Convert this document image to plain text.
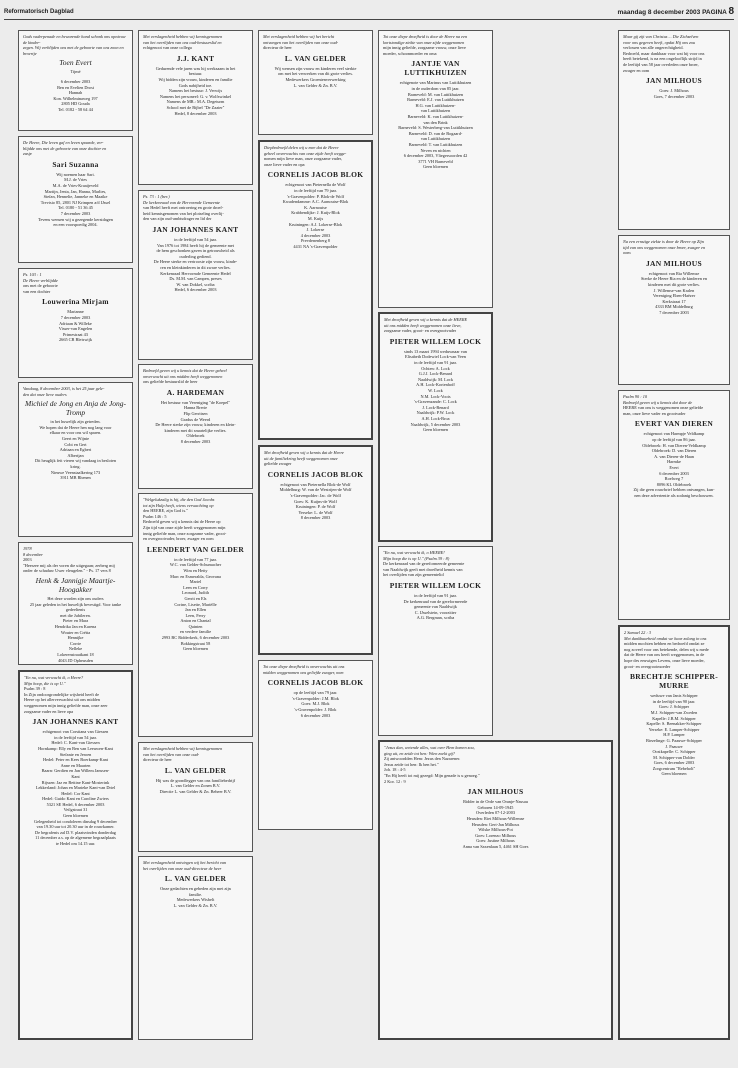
Reformatorisch Dagblad	maandag 8 december 2003 PAGINA 8
Gods vaderpenade en bewarende hand schonk ons opnieuw de kinder-
zegen. Wij verblijden ons met de geboorte van ons zoon en broertje
Toen Evert
Tijmé
6 december 2003
Ben en Evelien Drost
Hannah
Kon. Wilhelminaweg 197
2805 HD Gouda
Tel. 0182 - 58 64 44
De Heere, Die leven gaf en leven spaarde, ver-
blijdde ons met de geboorte van onze dochter en
zusje
Sari Suzanna
Wij noemen haar Sari.
M.J. de Vries
M.A. de Vries-Kraaijeveld
Martijn, Jenta, Jan, Hanna, Marlies,
Stefan, Hennelie, Janneke en Maaike
Trevisio 85, 2801 NJ Krimpen a/d IJssel
Tel. 0180 - 51 36 45
7 december 2003
Tevens wensen wij u gezegende kerstdagen
en een voorspoedig 2004.
Ps. 103 : 1
De Heere verblijdde
ons met de geboorte
van een dochter
Louwerina Mirjam
Marianne
7 december 2003
Adriaan & Willeke
Visser-van Engelen
Primestraat 43
2665 CB Bleiswijk
Vandaag, 8 december 2003, is het 25 jaar gele-
den dat onze lieve ouders
Michiel de Jong en Anja de Jong-Tromp
in het huwelijk zijn getreden.
We hopen dat de Heere hen nog lang voor
elkaar en voor ons wil sparen.
Geert en Wijnie
Cobi en Gert
Adriaan en Egbert
Albertjan
Dit heuglijk feit vieren wij vandaag in besloten
kring.
Nieuwe Veenstaalkering 173
3911 MB Rhenen
1978
8 december
2003
"Heerzee mij als der voren die uitgegaan; zerberg mij
onder de schaduw Uwer vleugelen." - Ps. 17 vers 8
Henk & Jannigje Maartje-Hoogakker
Het deze worden zijn ons ouders
25 jaar geleden in het huwelijk bevestigd. Voor tanke gedeeltenis
met die Jubileren.
Pieter en Mara
Hendrika Jan en Karena
Wouter en Crétta
Hennijke
Corrie
Nelleke
Lokerenstraatkant 18
4043 JD Opheusden
"En nu, wat verwacht ik, o Heere?
Mijn hoop, die is op U."
Psalm 39 : 8
In Zijn ondoorgrondelijke wijsheid heeft de
Heere op het allerverwachtst uit ons midden
weggenomen mijn innig geliefde man, onze zeer
zorgzame vader en lieve opa
JAN JOHANNES KANT
echtgenoot van Corstiana van Giessen
in de leeftijd van 54 jaar.
Hedel: C. Kant-van Giessen
Hornkamp: Elly en Ben van Leeuwen-Kant
Stefanie en Jeroen
Hedel: Peter en Kees Boerkamp-Kant
Anne en Maarten
Baarn: Gerdien en Jan Willem Janssen-
Kant
Rijssen: Jaz en Bettine Kant-Mosterink
Lekkerland: Johan en Marieke Kant-van Driel
Hedel: Cor Kant
Hedel: Guido Kant en Caroline Zwiers
5321 SE Hedel, 6 december 2003
Veilgstraat 31
Geen bloemen
Gelegenheid tot condoleren dinsdag 9 december
van 19.30 uur tot 20.30 uur in de rouwkamer.
De begrafenis zal D.V. plaatsvinden donderdag
11 december a.s. op de algemene begraafplaats
te Hedel om 14.15 uur.
Met verslagenheid hebben wij kennisgenomen
van het overlijden van ons oud-bestuurslid en
echtgenoot van onze collega
J.J. KANT
Gedurende vele jaren was hij werkzaam in het
bestuur.
Wij bidden zijn vrouw, kinderen en familie
Gods nabijheid toe.
Namens het bestuur: J. Verwijs
Namens het personeel: G. v. Wolfswinkel
Namens de MR.: M.A. Degeturm
School met de Bijbel "De Zaaier"
Hedel, 8 december 2003
Ps. 73 : 1 (ber.)
De kerkenraad van de Hervormde Gemeente
van Hedel heeft met ontroering en grote droef-
heid kennisgenomen van het plotseling overlij-
den van zijn oud-ambtsdrager en lid der
JAN JOHANNES KANT
in de leeftijd van 54 jaar.
Van 1976 tot 1984 heeft hij de gemeente met
de hem geschonken gaven in getrouwheid als
ouderling gediend.
De Heere sterke en vertrooste zijn vrouw, kinde-
ren en kleinkinderen in dit zware verlies.
Kerkenraad Hervormde Gemeente Hedel
Ds. M.M. van Campen, preses
W. van Dokkel, scriba
Hedel, 6 december 2003
Bedroefd geven wij u kennis dat de Heere geheel
onverwacht uit ons midden heeft weggenomen
ons geliefde bestuurslid de heer
A. HARDEMAN
Het bestuur van Vereniging "de Koepel"
Hanna Brerie
Flip Gerritsen
Gradus de Weerd
De Heere sterke zijn vrouw, kinderen en klein-
kinderen met dit smartelijke verlies.
Oldebroek
8 december 2003
"Welgelukzalig is hij, die den God Jacobs
tot zijn Hulp heeft, wiens verwachting op
den HEERE, zijn God is."
Psalm 146 : 5
Bedroefd geven wij u kennis dat de Heere op
Zijn tijd van onze zijde heeft weggenomen mijn
innig geliefde man, onze zorgzame vader, groot-
en overgrootvader, broer, zwager en oom
LEENDERT VAN GELDER
in de leeftijd van 77 jaar.
W.C. van Gelder-Schumacher
Wim en Hetty
Marc en Esmeralda, Geovana
Mariel
Leen en Corry
Leonard, Judith
Gerrit en Els
Corine, Lisette, Mariëlle
Jan en Ellen
Leen, Ferry
Anton en Chantal
Quinten
en verdere familie
2993 BC Ridderkerk, 6 december 2003
Bokkingstraat 58
Geen bloemen
Met verslagenheid hebben wij kennisgenomen
van het overlijden van onze oud-
directeur de heer
L. VAN GELDER
Hij was de grondlegger van ons familiebedrijf
L. van Gelder en Zonen B.V.
Directie L. van Gelder & Zn. Beheer B.V.
Met verslagenheid ontvingen wij het bericht van
het overlijden van onze oud-directeur de heer
L. VAN GELDER
Onze gedachten en gebeden zijn met zijn
familie.
Medewerkers Wisbelt
L. van Gelder & Zn. B.V.
Met verslagenheid hebben wij het bericht
ontvangen van het overlijden van onze oud-
directeur de heer
L. VAN GELDER
Wij wensen zijn vrouw en kinderen veel sterkte
om met het verwerken van dit grote verlies.
Medewerkers Groentenverwerking
L. van Gelder & Zn. B.V.
Diepbedroefd delen wij u mee dat de Heere
geheel onverwachts van onze zijde heeft wegge-
nomen mijn lieve man, onze zorgzame vader,
onze lieve vader en opa
CORNELIS JACOB BLOK
echtgenoot van Pieternella de Wolf
in de leeftijd van 79 jaar.
's-Gravenpolder: P. Blok-de Wolf
Kwadendamme: A.C. Aarnoutse-Blok
K. Aarnoutse
Krabbendijke: J. Kuijs-Blok
M. Kuijs
Kruiningen: A.J. Lokerse-Blok
J. Lokerse
4 december 2003
Prevdenenberg 8
4431 NA 's-Gravenpolder
Met droefheid geven wij u kennis dat de Heere
uit de familiekring heeft weggenomen onze
geliefde zwager
CORNELIS JACOB BLOK
echtgenoot van Pieternella Blok-de Wolf
Middelburg: W. van de Westrijen-de Wolf
's-Gravenpolder: Jac. de Wolf
Goes: K. Kuijns-de Wolf
Kruiningen: P. de Wolf
Yerseke: L. de Wolf
8 december 2003
Tot onze diepe droefheid is onverwachts uit ons
midden weggenomen ons geliefde zwager, oom
CORNELIS JACOB BLOK
op de leeftijd van 79 jaar.
's-Gravenpolder: J.M. Blok
Goes: M.J. Blok
's-Gravenpolder: J. Blok
6 december 2003
Tot onze diepe droefheid is door de Heere na een
kortstondige ziekte van onze zijde weggenomen
mijn innig geliefde, zorgzame vrouw, onze lieve
moeder, schoonmoeder en oma
JANTJE VAN LUTTIKHUIZEN
echtgenote van Marinus van Luttikhuizen
in de ouderdom van 85 jaar.
Barneveld: M. van Luttikhuizen
Barneveld: E.J. van Luttikhuizen
H.G. van Luttikhuizen-
van Luttikhuizen
Barneveld: K. van Luttikhuizen-
van den Brink
Barneveld: S. Westerberg-van Luttikhuizen
Barneveld: D. van de Bogaard-
van Luttikhuizen
Barneveld: T. van Luttikhuizen
Neven en nichten
6 december 2003, Vliegersoorden 42
3771 VH Barneveld
Geen bloemen
Met droefheid geven wij u kennis dat de HEERE
uit ons midden heeft weggenomen onze lieve,
zorgzame vader, groot- en overgrootvader
PIETER WILLEM LOCK
sinds 13 maart 1994 weduwnaar van
Elisabeth Dodewiel Lock-van Veen
in de leeftijd van 91 jaar.
Ochten: A. Lock
G.J.J. Lock-Benard
Naaldwijk: M. Lock
A.H. Lock-Kortenhoff
W. Lock
N.M. Lock-Voois
's-Gravenzande: C. Lock
J. Lock-Benard
Naaldwijk: P.W. Lock
A.H. Lock-Broa
Naaldwijk, 5 december 2003
Geen bloemen
"En nu, wat verwacht ik, o HEERE!
Mijn hoop die is op U." (Psalm 39 : 8)
De kerkenraad van de gereformeerde gemeente
van Naaldwijk geeft met droefheid kennis van
het overlijden van zijn gemeentelid
PIETER WILLEM LOCK
in de leeftijd van 91 jaar.
De kerkenraad van de gereformeerde
gemeente van Naaldwijk
C. IJsselstein, voorzitter
A.G. Bergman, scriba
"Jezus dan, wetende alles, wat over Hem komen zou,
ging uit, en zeide tot hen: Wien zoekt gij?
Zij antwoordden Hem: Jezus den Nazarener.
Jezus zeide tot hen: Ik ben het."
Joh. 18 : 4-5
"En Hij heeft tot mij gezegd: Mijn genade is u genoeg."
2 Kor. 12 : 9
JAN MILHOUS
Ridder in de Orde van Oranje-Nassau
Geboren 14-09-1945
Overleden 07-12-2003
Heusden: Riet Milhous-Willemse
Heusden: Gert-Jan Milhous
Wilske Milhous-Pot
Goes: Lorenzo Milhous
Goes: Justine Milhous
Anna van Saxenlaan 5, 4461 SH Goes
Maar gij zijt van Christus ... Die Zichzelven
voor ons gegeven heeft, opdat Hij ons zou
verlossen van alle ongerechtigheid.
Bedroefd, maar dankbaar voor wat hij voor ons
heeft betekend, is na een ongelooflijk strijd in
de leeftijd van 58 jaar overleden onze broer,
zwager en oom
JAN MILHOUS
Goes: J. Milhous
Goes, 7 december 2003
Na een ernstige ziekte is door de Heere op Zijn
tijd van ons weggenomen onze broer, zwager en
oom
JAN MILHOUS
echtgenoot van Ria Willemse
Sterke de Heere Ria en de kinderen en
kinderen met dit grote verlies.
J. Willemse-van Kralen
Vereniging Eben-Haëzer
Kerkstraat 17
4333 BM Middelburg
7 december 2003
Psalm 90 : 10
Bedroefd geven wij u kennis dat door de
HEERE van ons is weggenomen onze geliefde
man, onze lieve vader en grootvader
EVERT VAN DIEREN
echtgenoot van Harmpje Veldkamp
op de leeftijd van 86 jaar.
Oldebroek: H. van Dieren-Veldkamp
Oldebroek: D. van Dieren
A. van Dieren-de Haan
Harmke
Evert
6 december 2003
Roelweg 7
8096 KL Oldebroek
Zij die geen rouwbrief hebben ontvangen, kun-
nen deze advertentie als zodanig beschouwen.
2 Samuel 22 : 3
Met dankbaarheid omdat we haar zolang in ons
midden mochten hebben en bedroefd omdat ze
nog zoveel voor ons betekende, delen wij u mede
dat de Heere van ons heeft weggenomen, in de
hope des eeuwigen Levens, onze lieve moeder,
groot- en overgrootmoeder
BRECHTJE SCHIPPER-MURRE
weduwe van Janis Schipper
in de leeftijd van 90 jaar.
Goes: J. Schipper
M.J. Schipper-van Zweden
Kapelle: J.B.M. Schipper
Kapelle: S. Beenakker-Schipper
Yerseke: E. Lamper-Schipper
H.P. Lamper
Biezelinge: G. Paauwe-Schipper
J. Paauwe
Oostkapelle: C. Schipper
M. Schipper-van Dolder
Goes, 6 december 2003
Zorgcentrum "Rebeholt"
Geen bloemen
